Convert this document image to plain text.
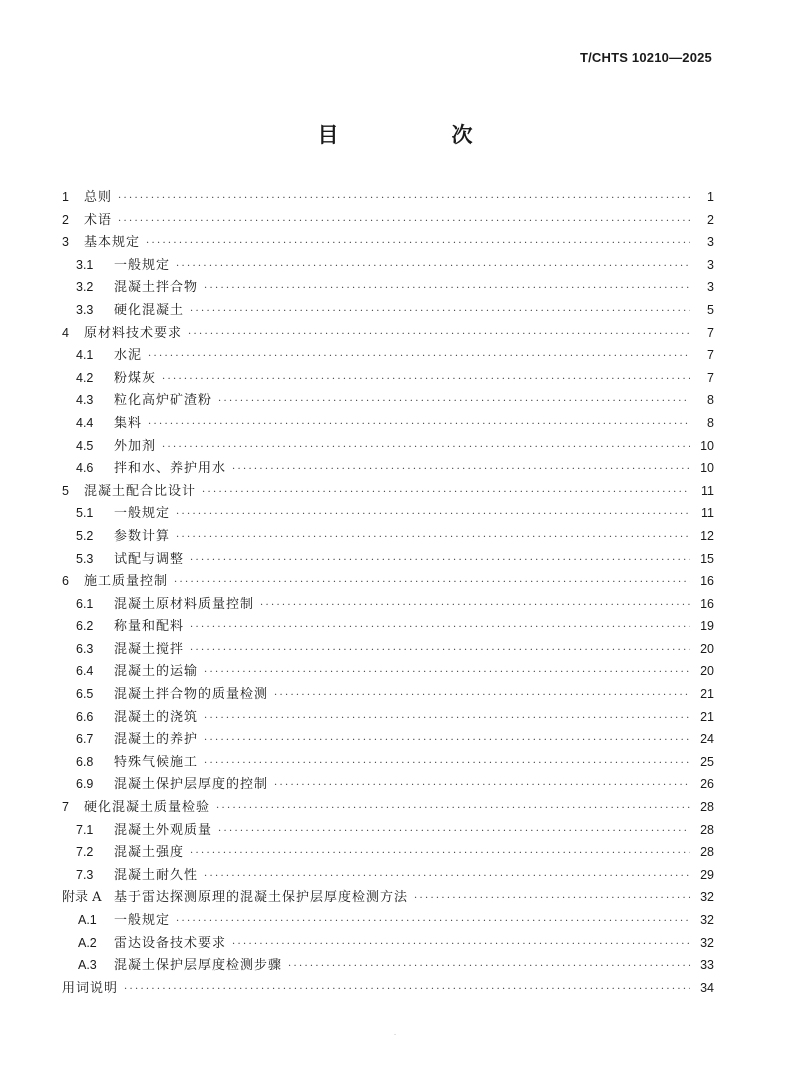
T/CHTS 10210—2025
目　次
1	总则 ·····	1
2	术语 ·····	2
3	基本规定 ·····	3
3.1	一般规定 ·····	3
3.2	混凝土拌合物 ·····	3
3.3	硬化混凝土 ·····	5
4	原材料技术要求 ·····	7
4.1	水泥 ·····	7
4.2	粉煤灰 ·····	7
4.3	粒化高炉矿渣粉 ·····	8
4.4	集料 ·····	8
4.5	外加剂 ·····	10
4.6	拌和水、养护用水 ·····	10
5	混凝土配合比设计 ·····	11
5.1	一般规定 ·····	11
5.2	参数计算 ·····	12
5.3	试配与调整 ·····	15
6	施工质量控制 ·····	16
6.1	混凝土原材料质量控制 ·····	16
6.2	称量和配料 ·····	19
6.3	混凝土搅拌 ·····	20
6.4	混凝土的运输 ·····	20
6.5	混凝土拌合物的质量检测 ·····	21
6.6	混凝土的浇筑 ·····	21
6.7	混凝土的养护 ·····	24
6.8	特殊气候施工 ·····	25
6.9	混凝土保护层厚度的控制 ·····	26
7	硬化混凝土质量检验 ·····	28
7.1	混凝土外观质量 ·····	28
7.2	混凝土强度 ·····	28
7.3	混凝土耐久性 ·····	29
附录 A 基于雷达探测原理的混凝土保护层厚度检测方法 ·····	32
A.1	一般规定 ·····	32
A.2	雷达设备技术要求 ·····	32
A.3	混凝土保护层厚度检测步骤 ·····	33
用词说明 ·····	34
.
